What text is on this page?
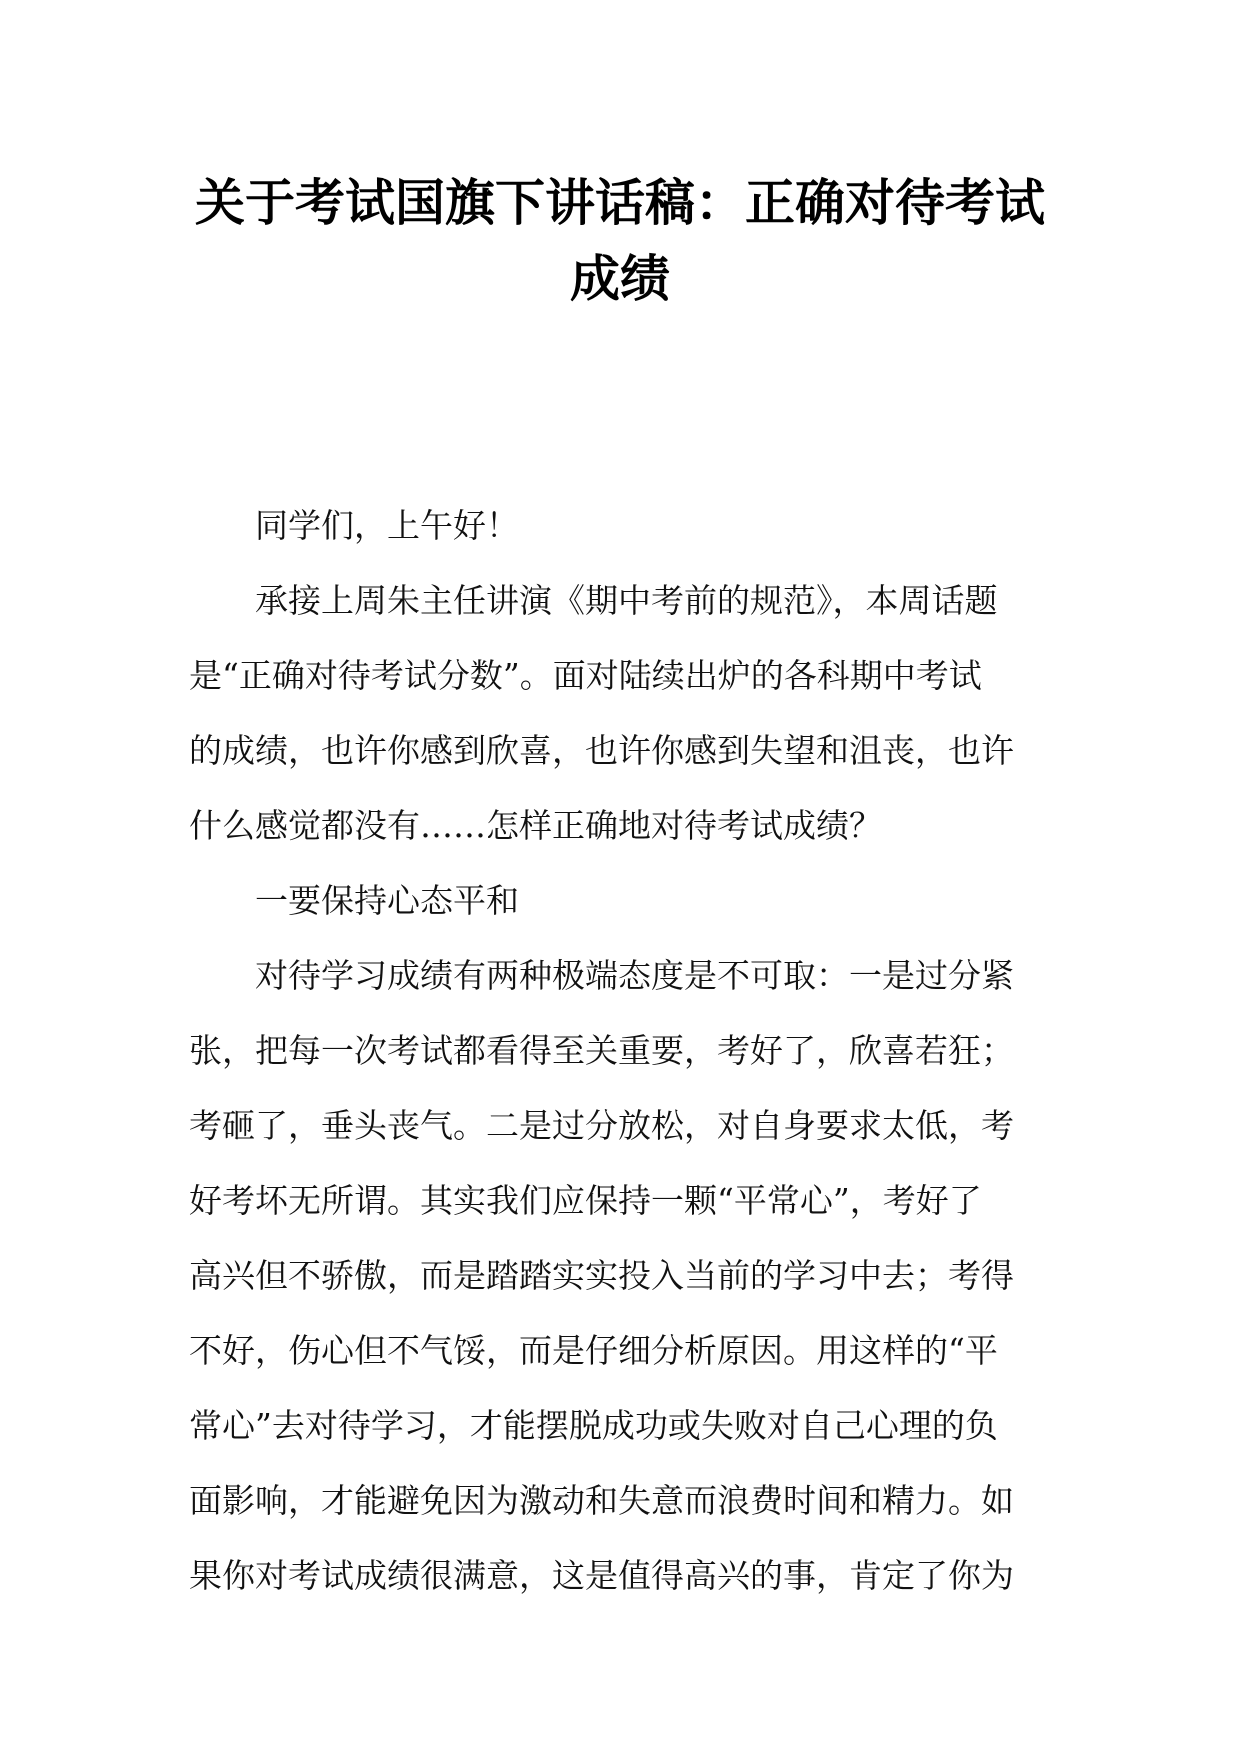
关于考试国旗下讲话稿：正确对待考试
成绩
同学们，上午好！
承接上周朱主任讲演《期中考前的规范》，本周话题
是“正确对待考试分数”。面对陆续出炉的各科期中考试
的成绩，也许你感到欣喜，也许你感到失望和沮丧，也许
什么感觉都没有……怎样正确地对待考试成绩？
一要保持心态平和
对待学习成绩有两种极端态度是不可取：一是过分紧
张，把每一次考试都看得至关重要，考好了，欣喜若狂；
考砸了，垂头丧气。二是过分放松，对自身要求太低，考
好考坏无所谓。其实我们应保持一颗“平常心”，考好了
高兴但不骄傲，而是踏踏实实投入当前的学习中去；考得
不好，伤心但不气馁，而是仔细分析原因。用这样的“平
常心”去对待学习，才能摆脱成功或失败对自己心理的负
面影响，才能避免因为激动和失意而浪费时间和精力。如
果你对考试成绩很满意，这是值得高兴的事，肯定了你为
